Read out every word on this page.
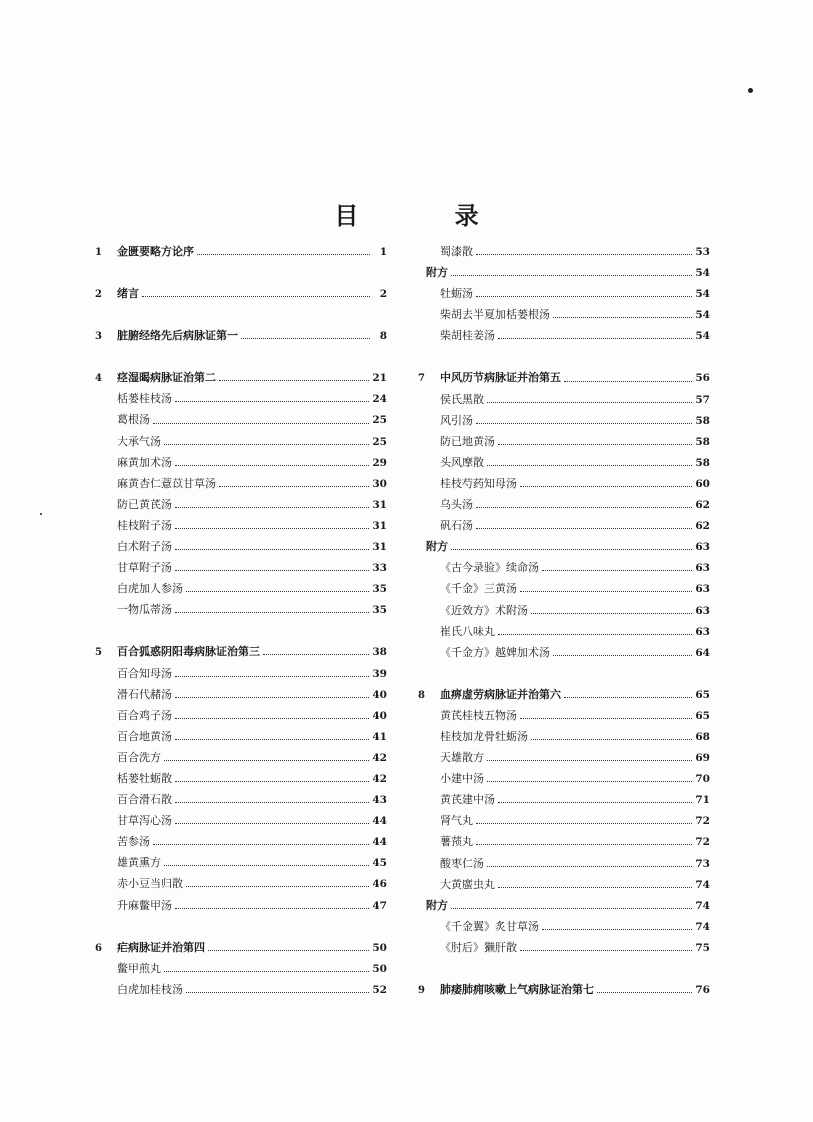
目 录
1	金匮要略方论序	1
2	绪言	2
3	脏腑经络先后病脉证第一	8
4	痉湿暍病脉证治第二	21
栝蒌桂枝汤	24
葛根汤	25
大承气汤	25
麻黄加术汤	29
麻黄杏仁薏苡甘草汤	30
防已黄芪汤	31
桂枝附子汤	31
白术附子汤	31
甘草附子汤	33
白虎加人参汤	35
一物瓜蒂汤	35
5	百合狐惑阴阳毒病脉证治第三	38
百合知母汤	39
滑石代赭汤	40
百合鸡子汤	40
百合地黄汤	41
百合洗方	42
栝蒌牡蛎散	42
百合滑石散	43
甘草泻心汤	44
苦参汤	44
雄黄熏方	45
赤小豆当归散	46
升麻鳖甲汤	47
6	疟病脉证并治第四	50
鳖甲煎丸	50
白虎加桂枝汤	52
蜀漆散	53
附方	54
牡蛎汤	54
柴胡去半夏加栝蒌根汤	54
柴胡桂姜汤	54
7	中风历节病脉证并治第五	56
侯氏黑散	57
风引汤	58
防已地黄汤	58
头风摩散	58
桂枝芍药知母汤	60
乌头汤	62
矾石汤	62
附方	63
《古今录验》续命汤	63
《千金》三黄汤	63
《近效方》术附汤	63
崔氏八味丸	63
《千金方》越婢加术汤	64
8	血痹虚劳病脉证并治第六	65
黄芪桂枝五物汤	65
桂枝加龙骨牡蛎汤	68
天雄散方	69
小建中汤	70
黄芪建中汤	71
肾气丸	72
薯蓣丸	72
酸枣仁汤	73
大黄䗪虫丸	74
附方	74
《千金翼》炙甘草汤	74
《肘后》獭肝散	75
9	肺痿肺痈咳嗽上气病脉证治第七	76
